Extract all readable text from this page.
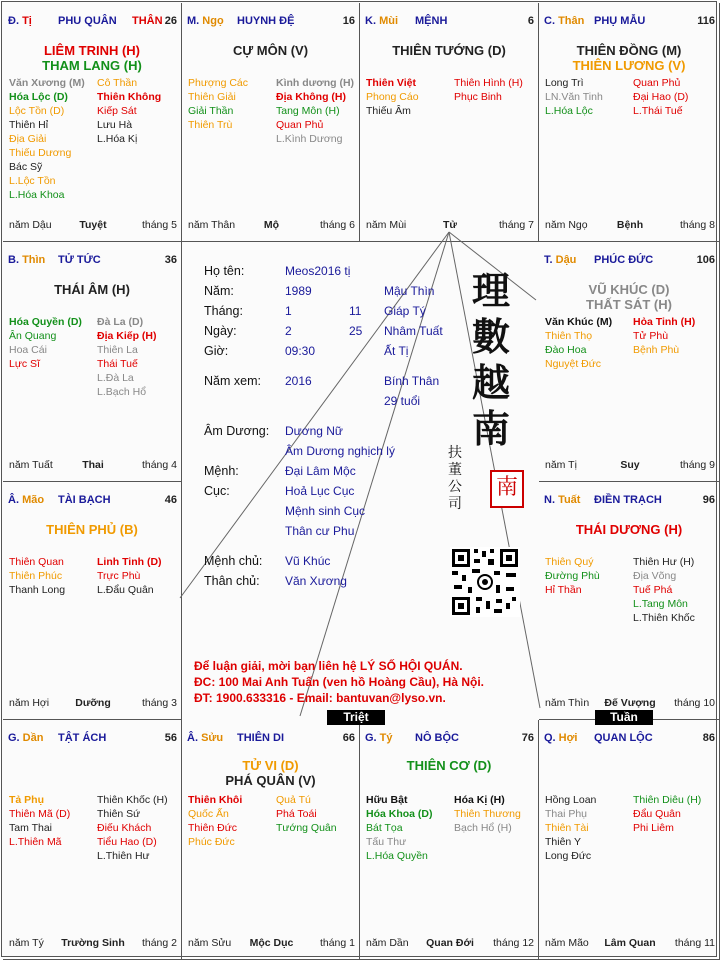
Đ. Tị PHU QUÂN THÂN 26
LIÊM TRINH (H)
THAM LANG (H)
Văn Xương (M)
Hóa Lộc (D)
Lộc Tồn (D)
Thiên Hỉ
Địa Giải
Thiếu Dương
Bác Sỹ
L.Lộc Tồn
L.Hóa Khoa
Cô Thần
Thiên Không
Kiếp Sát
Lưu Hà
L.Hóa Kị
năm Dậu	Tuyệt	tháng 5
M. Ngọ HUYNH ĐỆ	16
CỰ MÔN (V)
Phượng Các
Thiên Giải
Giải Thần
Thiên Trù
Kình dương (H)
Địa Không (H)
Tang Môn (H)
Quan Phủ
L.Kình Dương
năm Thân	Mộ	tháng 6
K. Mùi MỆNH	6
THIÊN TƯỚNG (D)
Thiên Việt
Phong Cáo
Thiếu Âm
Thiên Hình (H)
Phục Binh
năm Mùi	Tử	tháng 7
C. Thân PHỤ MẪU	116
THIÊN ĐỒNG (M)
THIÊN LƯƠNG (V)
Long Trì
LN.Văn Tinh
L.Hóa Lộc
Quan Phủ
Đại Hao (D)
L.Thái Tuế
năm Ngọ	Bệnh	tháng 8
B. Thìn TỬ TỨC	36
THÁI ÂM (H)
Hóa Quyền (D)
Ân Quang
Hoa Cái
Lực Sĩ
Đà La (D)
Địa Kiếp (H)
Thiên La
Thái Tuế
L.Đà La
L.Bạch Hổ
năm Tuất	Thai	tháng 4
T. Dậu PHÚC ĐỨC	106
VŨ KHÚC (D)
THẤT SÁT (H)
Văn Khúc (M)
Thiên Thọ
Đào Hoa
Nguyệt Đức
Hỏa Tinh (H)
Tử Phù
Bệnh Phù
năm Tị	Suy	tháng 9
Â. Mão TÀI BẠCH	46
THIÊN PHỦ (B)
Thiên Quan
Thiên Phúc
Thanh Long
Linh Tinh (D)
Trực Phù
L.Đẩu Quân
năm Hợi	Dưỡng	tháng 3
N. Tuất ĐIỀN TRẠCH	96
THÁI DƯƠNG (H)
Thiên Quý
Đường Phù
Hỉ Thần
Thiên Hư (H)
Địa Võng
Tuế Phá
L.Tang Môn
L.Thiên Khốc
năm Thìn	Đế Vượng	tháng 10
G. Dần TẬT ÁCH	56
Tả Phụ
Thiên Mã (D)
Tam Thai
L.Thiên Mã
Thiên Khốc (H)
Thiên Sứ
Điếu Khách
Tiểu Hao (D)
L.Thiên Hư
năm Tý	Trường Sinh	tháng 2
Â. Sửu THIÊN DI	66
TỬ VI (D)
PHÁ QUÂN (V)
Thiên Khôi
Quốc Ấn
Thiên Đức
Phúc Đức
Quả Tú
Phá Toái
Tướng Quân
năm Sửu	Mộc Dục	tháng 1
G. Tý NÔ BỘC	76
THIÊN CƠ (D)
Hữu Bật
Hóa Khoa (D)
Bát Tọa
Tấu Thư
L.Hóa Quyền
Hóa Kị (H)
Thiên Thương
Bạch Hổ (H)
năm Dần	Quan Đới	tháng 12
Q. Hợi QUAN LỘC	86
Hồng Loan
Thai Phụ
Thiên Tài
Thiên Y
Long Đức
Thiên Diêu (H)
Đẩu Quân
Phi Liêm
năm Mão	Lâm Quan	tháng 11
Họ tên:	Meos2016 tị
Năm:	1989	Mậu Thìn
Tháng:	1	11 Giáp Tý
Ngày:	2	25 Nhâm Tuất
Giờ:	09:30	Ất Tị
Năm xem: 2016	Bính Thân
29 tuổi
Âm Dương: Dương Nữ
Âm Dương nghịch lý
Mệnh:	Đại Lâm Mộc
Cục:	Hoả Lục Cục
Mệnh sinh Cục
Thân cư Phu
Mệnh chủ: Vũ Khúc
Thân chủ: Văn Xương
理
數
越
南
扶
董
公
司
南
Để luận giải, mời bạn liên hệ LÝ SỐ HỘI QUÁN.
ĐC: 100 Mai Anh Tuấn (ven hồ Hoàng Cầu), Hà Nội.
ĐT: 1900.633316 - Email: bantuvan@lyso.vn.
Triệt	Tuần
